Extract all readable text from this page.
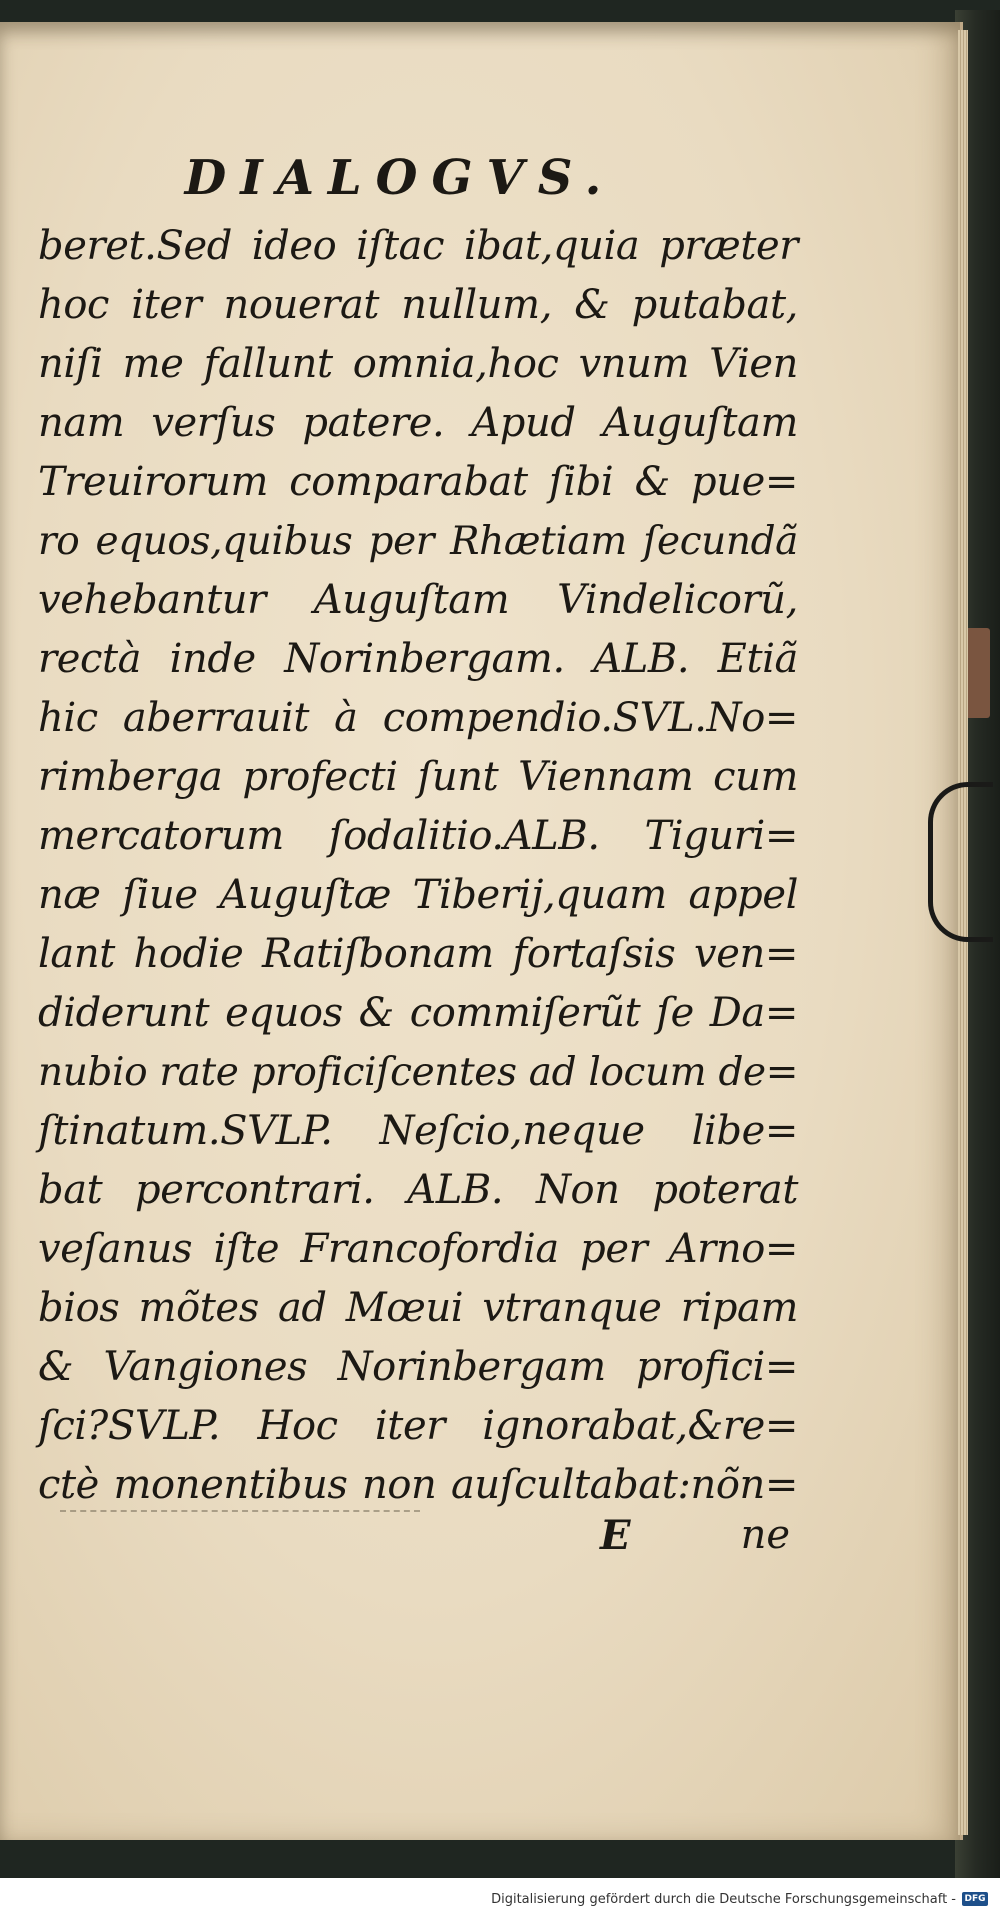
DIALOGVS.
beret.Sed ideo iſtac ibat,quia præter
hoc iter nouerat nullum, & putabat,
niſi me fallunt omnia,hoc vnum Vien
nam verſus patere. Apud Auguſtam
Treuirorum comparabat ſibi & pue=
ro equos,quibus per Rhætiam ſecundã
vehebantur Auguſtam Vindelicorũ,
rectà inde Norinbergam. ALB. Etiã
hic aberrauit à compendio.SVL.No=
rimberga profecti ſunt Viennam cum
mercatorum ſodalitio.ALB. Tiguri=
næ ſiue Auguſtæ Tiberij,quam appel
lant hodie Ratiſbonam fortaſsis ven=
diderunt equos & commiſerũt ſe Da=
nubio rate proficiſcentes ad locum de=
ſtinatum.SVLP. Neſcio,neque libe=
bat percontrari. ALB. Non poterat
veſanus iſte Francofordia per Arno=
bios mõtes ad Mœui vtranque ripam
& Vangiones Norinbergam profici=
ſci?SVLP. Hoc iter ignorabat,&re=
ctè monentibus non auſcultabat:nõn=
E	ne
Digitalisierung gefördert durch die Deutsche Forschungsgemeinschaft - DFG
